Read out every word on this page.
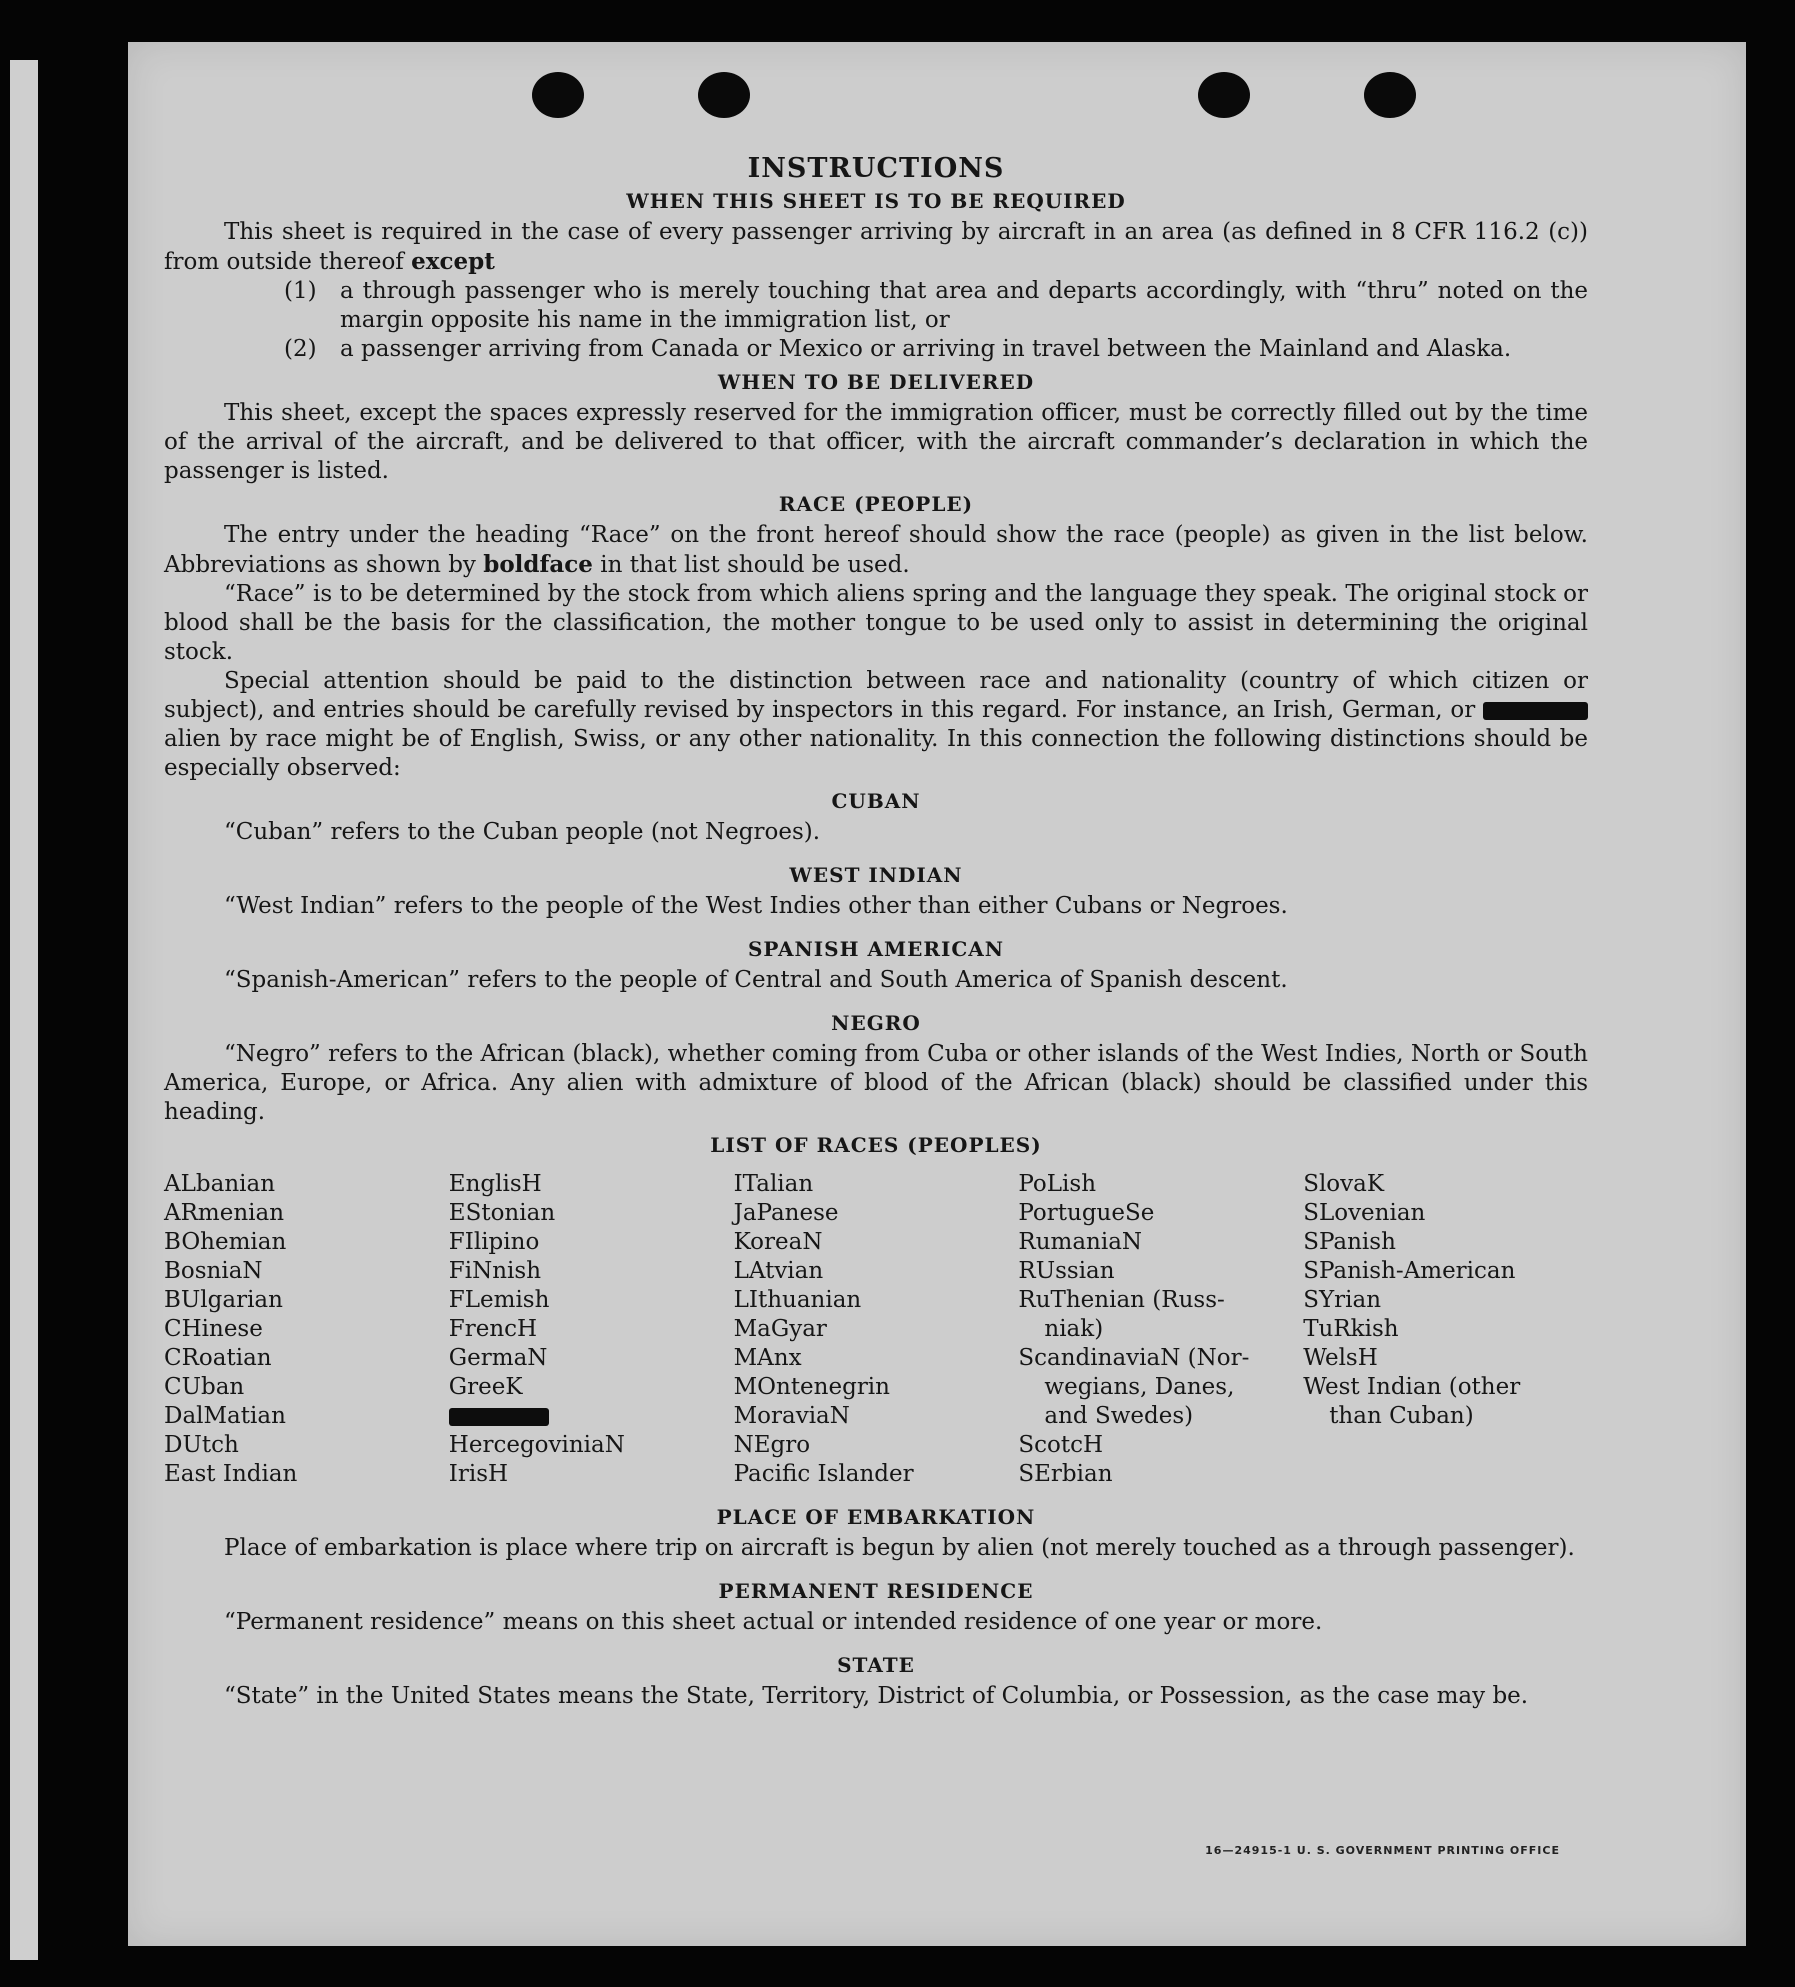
INSTRUCTIONS
WHEN THIS SHEET IS TO BE REQUIRED

This sheet is required in the case of every passenger arriving by aircraft in an area (as defined in 8 CFR 116.2 (c)) from outside thereof except

(1)	a through passenger who is merely touching that area and departs accordingly, with “thru” noted on the margin opposite his name in the immigration list, or
(2)	a passenger arriving from Canada or Mexico or arriving in travel between the Mainland and Alaska.
WHEN TO BE DELIVERED

This sheet, except the spaces expressly reserved for the immigration officer, must be correctly filled out by the time of the arrival of the aircraft, and be delivered to that officer, with the aircraft commander’s declaration in which the passenger is listed.

RACE (PEOPLE)

The entry under the heading “Race” on the front hereof should show the race (people) as given in the list below. Abbreviations as shown by boldface in that list should be used.

“Race” is to be determined by the stock from which aliens spring and the language they speak. The original stock or blood shall be the basis for the classification, the mother tongue to be used only to assist in determining the original stock.

Special attention should be paid to the distinction between race and nationality (country of which citizen or subject), and entries should be carefully revised by inspectors in this regard. For instance, an Irish, German, or alien by race might be of English, Swiss, or any other nationality. In this connection the following distinctions should be especially observed:

CUBAN

“Cuban” refers to the Cuban people (not Negroes).

WEST INDIAN

“West Indian” refers to the people of the West Indies other than either Cubans or Negroes.

SPANISH AMERICAN

“Spanish-American” refers to the people of Central and South America of Spanish descent.

NEGRO

“Negro” refers to the African (black), whether coming from Cuba or other islands of the West Indies, North or South America, Europe, or Africa. Any alien with admixture of blood of the African (black) should be classified under this heading.

LIST OF RACES (PEOPLES)
ALbanian
ARmenian
BOhemian
BosniaN
BUlgarian
CHinese
CRoatian
CUban
DalMatian
DUtch
East Indian
EnglisH
EStonian
FIlipino
FiNnish
FLemish
FrencH
GermaN
GreeK
HercegoviniaN
IrisH
ITalian
JaPanese
KoreaN
LAtvian
LIthuanian
MaGyar
MAnx
MOntenegrin
MoraviaN
NEgro
Pacific Islander
PoLish
PortugueSe
RumaniaN
RUssian
RuThenian (Russ-
niak)
ScandinaviaN (Nor-
wegians, Danes,
and Swedes)
ScotcH
SErbian
SlovaK
SLovenian
SPanish
SPanish-American
SYrian
TuRkish
WelsH
West Indian (other
than Cuban)
PLACE OF EMBARKATION

Place of embarkation is place where trip on aircraft is begun by alien (not merely touched as a through passenger).

PERMANENT RESIDENCE

“Permanent residence” means on this sheet actual or intended residence of one year or more.

STATE

“State” in the United States means the State, Territory, District of Columbia, or Possession, as the case may be.

16—24915-1 U. S. GOVERNMENT PRINTING OFFICE
